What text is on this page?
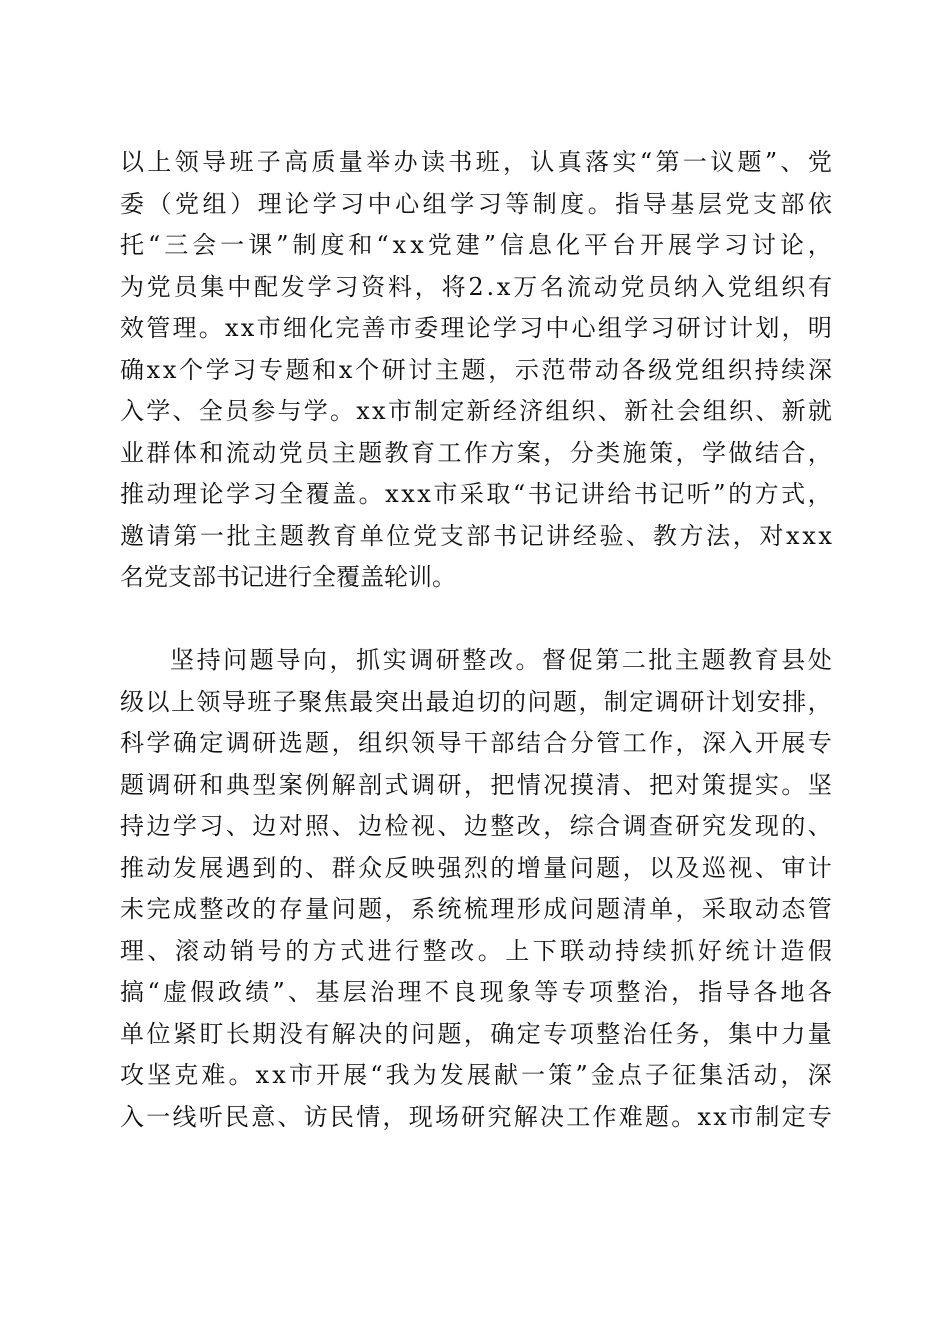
以 上 领 导 班 子 高 质 量 举 办 读 书 班 ， 认 真 落 实 “ 第 一 议 题 ” 、 党
委 （ 党 组 ） 理 论 学 习 中 心 组 学 习 等 制 度 。 指 导 基 层 党 支 部 依
托 “ 三 会 一 课 ” 制 度 和 “ x x 党 建 ” 信 息 化 平 台 开 展 学 习 讨 论 ，
为 党 员 集 中 配 发 学 习 资 料 ， 将 2 . x 万 名 流 动 党 员 纳 入 党 组 织 有
效 管 理 。 x x 市 细 化 完 善 市 委 理 论 学 习 中 心 组 学 习 研 讨 计 划 ， 明
确 x x 个 学 习 专 题 和 x 个 研 讨 主 题 ， 示 范 带 动 各 级 党 组 织 持 续 深
入 学 、 全 员 参 与 学 。 x x 市 制 定 新 经 济 组 织 、 新 社 会 组 织 、 新 就
业 群 体 和 流 动 党 员 主 题 教 育 工 作 方 案 ， 分 类 施 策 ， 学 做 结 合 ，
推 动 理 论 学 习 全 覆 盖 。 x x x 市 采 取 “ 书 记 讲 给 书 记 听 ” 的 方 式 ，
邀 请 第 一 批 主 题 教 育 单 位 党 支 部 书 记 讲 经 验 、 教 方 法 ， 对 x x x
名党支部书记进行全覆盖轮训。
坚 持 问 题 导 向 ， 抓 实 调 研 整 改 。 督 促 第 二 批 主 题 教 育 县 处
级 以 上 领 导 班 子 聚 焦 最 突 出 最 迫 切 的 问 题 ， 制 定 调 研 计 划 安 排 ，
科 学 确 定 调 研 选 题 ， 组 织 领 导 干 部 结 合 分 管 工 作 ， 深 入 开 展 专
题 调 研 和 典 型 案 例 解 剖 式 调 研 ， 把 情 况 摸 清 、 把 对 策 提 实 。 坚
持 边 学 习 、 边 对 照 、 边 检 视 、 边 整 改 ， 综 合 调 查 研 究 发 现 的 、
推 动 发 展 遇 到 的 、 群 众 反 映 强 烈 的 增 量 问 题 ， 以 及 巡 视 、 审 计
未 完 成 整 改 的 存 量 问 题 ， 系 统 梳 理 形 成 问 题 清 单 ， 采 取 动 态 管
理 、 滚 动 销 号 的 方 式 进 行 整 改 。 上 下 联 动 持 续 抓 好 统 计 造 假
搞 “ 虚 假 政 绩 ” 、 基 层 治 理 不 良 现 象 等 专 项 整 治 ， 指 导 各 地 各
单 位 紧 盯 长 期 没 有 解 决 的 问 题 ， 确 定 专 项 整 治 任 务 ， 集 中 力 量
攻 坚 克 难 。 x x 市 开 展 “ 我 为 发 展 献 一 策 ” 金 点 子 征 集 活 动 ， 深
入 一 线 听 民 意 、 访 民 情 ， 现 场 研 究 解 决 工 作 难 题 。 x x 市 制 定 专
